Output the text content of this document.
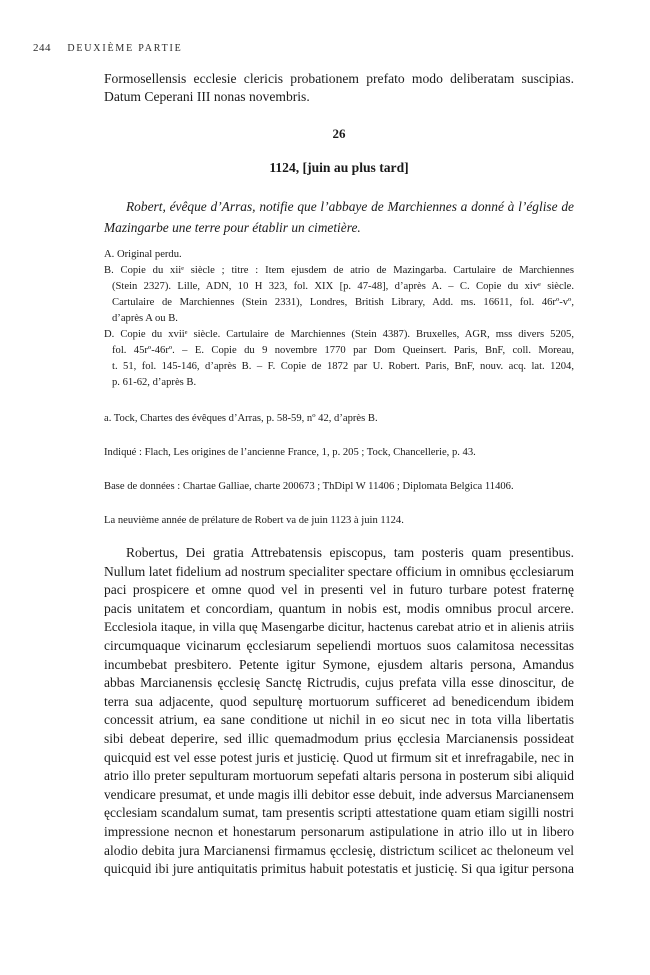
244 DEUXIÈME PARTIE
Formosellensis ecclesie clericis probationem prefato modo deliberatam suscipias.
Datum Ceperani III nonas novembris.
26
1124, [juin au plus tard]
Robert, évêque d’Arras, notifie que l’abbaye de Marchiennes a donné à l’église de
Mazingarbe une terre pour établir un cimetière.
A. Original perdu.
B. Copie du xiiᵉ siècle ; titre : Item ejusdem de atrio de Mazingarba. Cartulaire de Marchiennes
(Stein 2327). Lille, ADN, 10 H 323, fol. XIX [p. 47-48], d’après A. – C. Copie du xivᵉ siècle.
Cartulaire de Marchiennes (Stein 2331), Londres, British Library, Add. ms. 16611, fol. 46rº-vº,
d’après A ou B.
D. Copie du xviiᵉ siècle. Cartulaire de Marchiennes (Stein 4387). Bruxelles, AGR, mss divers 5205,
fol. 45rº-46rº. – E. Copie du 9 novembre 1770 par Dom Queinsert. Paris, BnF, coll. Moreau,
t. 51, fol. 145-146, d’après B. – F. Copie de 1872 par U. Robert. Paris, BnF, nouv. acq. lat. 1204,
p. 61-62, d’après B.
a. Tock, Chartes des évêques d’Arras, p. 58-59, nº 42, d’après B.
Indiqué : Flach, Les origines de l’ancienne France, 1, p. 205 ; Tock, Chancellerie, p. 43.
Base de données : Chartae Galliae, charte 200673 ; ThDipl W 11406 ; Diplomata Belgica 11406.
La neuvième année de prélature de Robert va de juin 1123 à juin 1124.
Robertus, Dei gratia Attrebatensis episcopus, tam posteris quam presentibus.
Nullum latet fidelium ad nostrum specialiter spectare officium in omnibus ęcclesiarum
paci prospicere et omne quod vel in presenti vel in futuro turbare potest fraternę
pacis unitatem et concordiam, quantum in nobis est, modis omnibus procul arcere.
Ecclesiola itaque, in villa quę Masengarbe dicitur, hactenus carebat atrio et in alienis atriis
circumquaque vicinarum ęcclesiarum sepeliendi mortuos suos calamitosa necessitas
incumbebat presbitero. Petente igitur Symone, ejusdem altaris persona, Amandus
abbas Marcianensis ęcclesię Sanctę Rictrudis, cujus prefata villa esse dinoscitur, de
terra sua adjacente, quod sepulturę mortuorum sufficeret ad benedicendum ibidem
concessit atrium, ea sane conditione ut nichil in eo sicut nec in tota villa libertatis
sibi debeat deperire, sed illic quemadmodum prius ęcclesia Marcianensis possideat
quicquid est vel esse potest juris et justicię. Quod ut firmum sit et inrefragabile, nec in
atrio illo preter sepulturam mortuorum sepefati altaris persona in posterum sibi aliquid
vendicare presumat, et unde magis illi debitor esse debuit, inde adversus Marcianensem
ęcclesiam scandalum sumat, tam presentis scripti attestatione quam etiam sigilli nostri
impressione necnon et honestarum personarum astipulatione in atrio illo ut in libero
alodio debita jura Marcianensi firmamus ęcclesię, districtum scilicet ac theloneum vel
quicquid ibi jure antiquitatis primitus habuit potestatis et justicię. Si qua igitur persona
